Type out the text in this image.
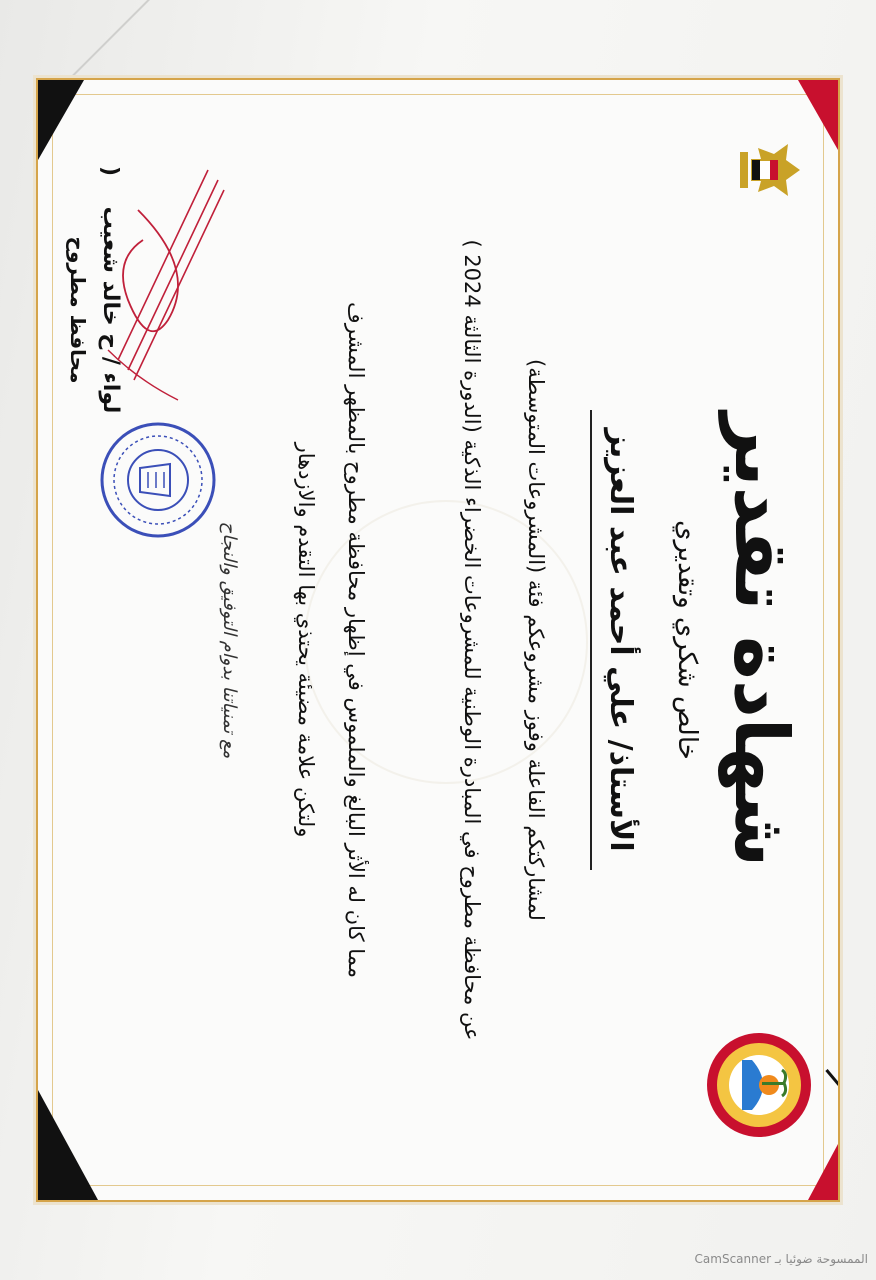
شهادة تقدير
خالص شكري وتقديري
الأستاذ/ علي أحمد عبد العزيز
لمشاركتكم الفاعلة وفوز مشروعكم فئة (المشروعات المتوسطة)
عن محافظة مطروح في المبادرة الوطنية للمشروعات الخضراء الذكية (الدورة الثالثة 2024 )
مما كان له الأثر البالغ والملموس في إظهار محافظة مطروح بالمظهر المشرف
ولتكن علامة مضيئة يحتذي بها التقدم والازدهار
مع تمنياتنا بدوام التوفيق والنجاح
)
لواء / ح خالد شعيب
محافظ مطروح
الممسوحة ضوئيا بـ CamScanner
